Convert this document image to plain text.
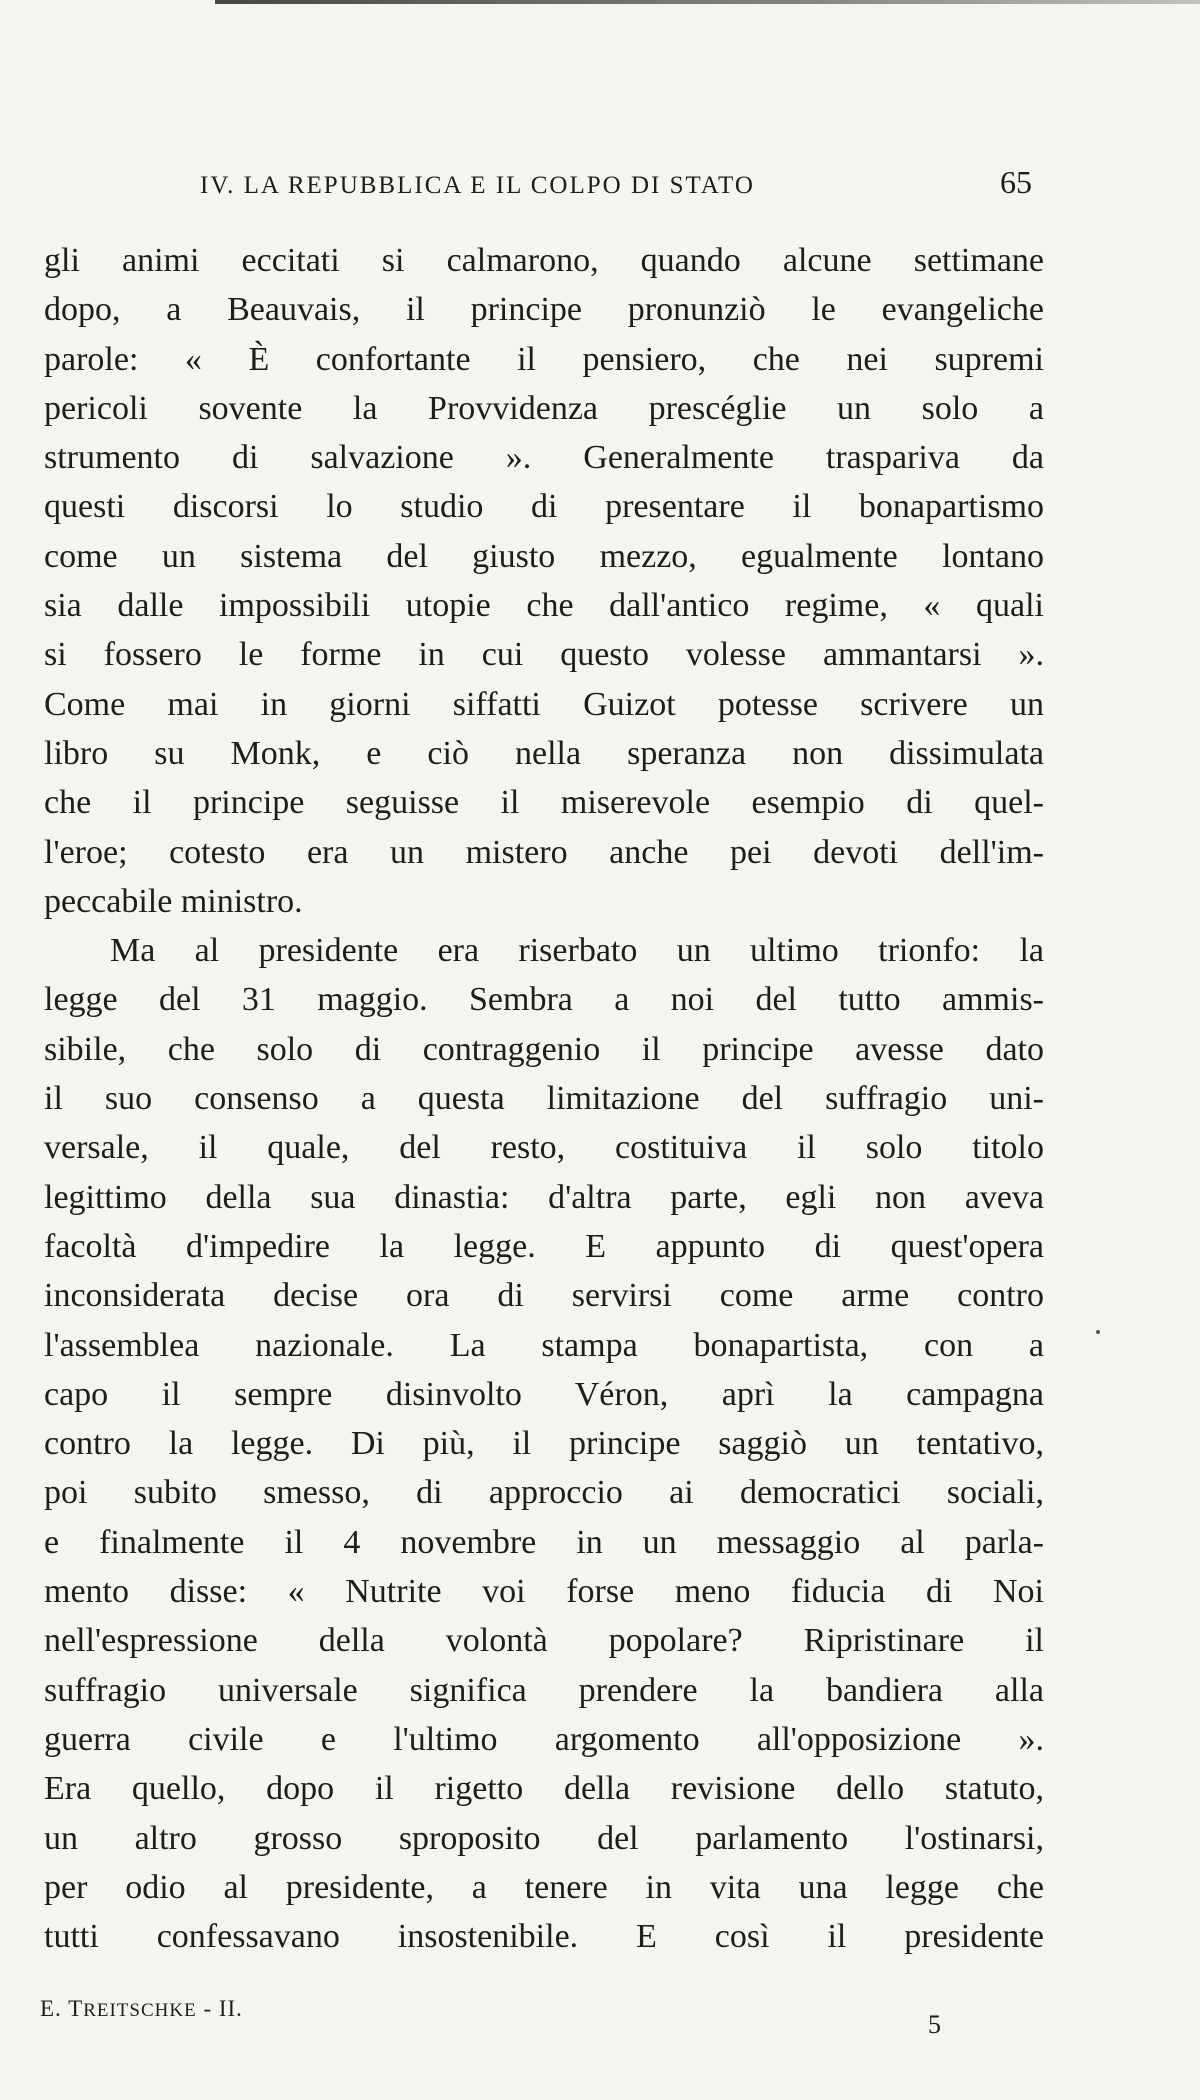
IV. LA REPUBBLICA E IL COLPO DI STATO	65
gli animi eccitati si calmarono, quando alcune settimane
dopo, a Beauvais, il principe pronunziò le evangeliche
parole: « È confortante il pensiero, che nei supremi
pericoli sovente la Provvidenza prescéglie un solo a
strumento di salvazione ». Generalmente traspariva da
questi discorsi lo studio di presentare il bonapartismo
come un sistema del giusto mezzo, egualmente lontano
sia dalle impossibili utopie che dall'antico regime, « quali
si fossero le forme in cui questo volesse ammantarsi ».
Come mai in giorni siffatti Guizot potesse scrivere un
libro su Monk, e ciò nella speranza non dissimulata
che il principe seguisse il miserevole esempio di quel-
l'eroe; cotesto era un mistero anche pei devoti dell'im-
peccabile ministro.
Ma al presidente era riserbato un ultimo trionfo: la
legge del 31 maggio. Sembra a noi del tutto ammis-
sibile, che solo di contraggenio il principe avesse dato
il suo consenso a questa limitazione del suffragio uni-
versale, il quale, del resto, costituiva il solo titolo
legittimo della sua dinastia: d'altra parte, egli non aveva
facoltà d'impedire la legge. E appunto di quest'opera
inconsiderata decise ora di servirsi come arme contro
l'assemblea nazionale. La stampa bonapartista, con a
capo il sempre disinvolto Véron, aprì la campagna
contro la legge. Di più, il principe saggiò un tentativo,
poi subito smesso, di approccio ai democratici sociali,
e finalmente il 4 novembre in un messaggio al parla-
mento disse: « Nutrite voi forse meno fiducia di Noi
nell'espressione della volontà popolare? Ripristinare il
suffragio universale significa prendere la bandiera alla
guerra civile e l'ultimo argomento all'opposizione ».
Era quello, dopo il rigetto della revisione dello statuto,
un altro grosso sproposito del parlamento l'ostinarsi,
per odio al presidente, a tenere in vita una legge che
tutti confessavano insostenibile. E così il presidente
E. TREITSCHKE - II.
5
